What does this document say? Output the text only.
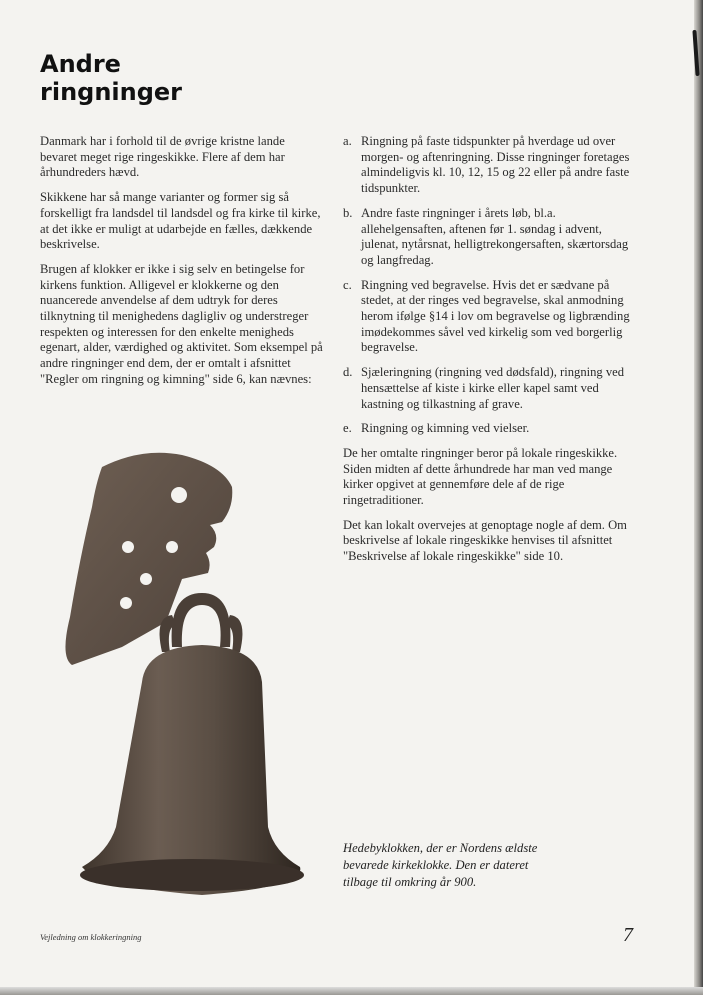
Andre ringninger

Danmark har i forhold til de øvrige kristne lande bevaret meget rige ringeskikke. Flere af dem har århundreders hævd.

Skikkene har så mange varianter og former sig så forskelligt fra landsdel til landsdel og fra kirke til kirke, at det ikke er muligt at udarbejde en fælles, dækkende beskrivelse.

Brugen af klokker er ikke i sig selv en betingelse for kirkens funktion. Alligevel er klokkerne og den nuancerede anvendelse af dem udtryk for deres tilknytning til menighedens dagligliv og understreger respekten og interessen for den enkelte menigheds egenart, alder, værdighed og aktivitet. Som eksempel på andre ringninger end dem, der er omtalt i afsnittet "Regler om ringning og kimning" side 6, kan nævnes:

a. Ringning på faste tidspunkter på hverdage ud over morgen- og aftenringning. Disse ringninger foretages almindeligvis kl. 10, 12, 15 og 22 eller på andre faste tidspunkter.
b. Andre faste ringninger i årets løb, bl.a. allehelgensaften, aftenen før 1. søndag i advent, julenat, nytårsnat, helligtrekongersaften, skærtorsdag og langfredag.
c. Ringning ved begravelse. Hvis det er sædvane på stedet, at der ringes ved begravelse, skal anmodning herom ifølge §14 i lov om begravelse og ligbrænding imødekommes såvel ved kirkelig som ved borgerlig begravelse.
d. Sjæleringning (ringning ved dødsfald), ringning ved hensættelse af kiste i kirke eller kapel samt ved kastning og tilkastning af grave.
e. Ringning og kimning ved vielser.

De her omtalte ringninger beror på lokale ringeskikke. Siden midten af dette århundrede har man ved mange kirker opgivet at gennemføre dele af de rige ringetraditioner.

Det kan lokalt overvejes at genoptage nogle af dem. Om beskrivelse af lokale ringeskikke henvises til afsnittet "Beskrivelse af lokale ringeskikke" side 10.

Hedebyklokken, der er Nordens ældste bevarede kirkeklokke. Den er dateret tilbage til omkring år 900.
Vejledning om klokkeringning	7
